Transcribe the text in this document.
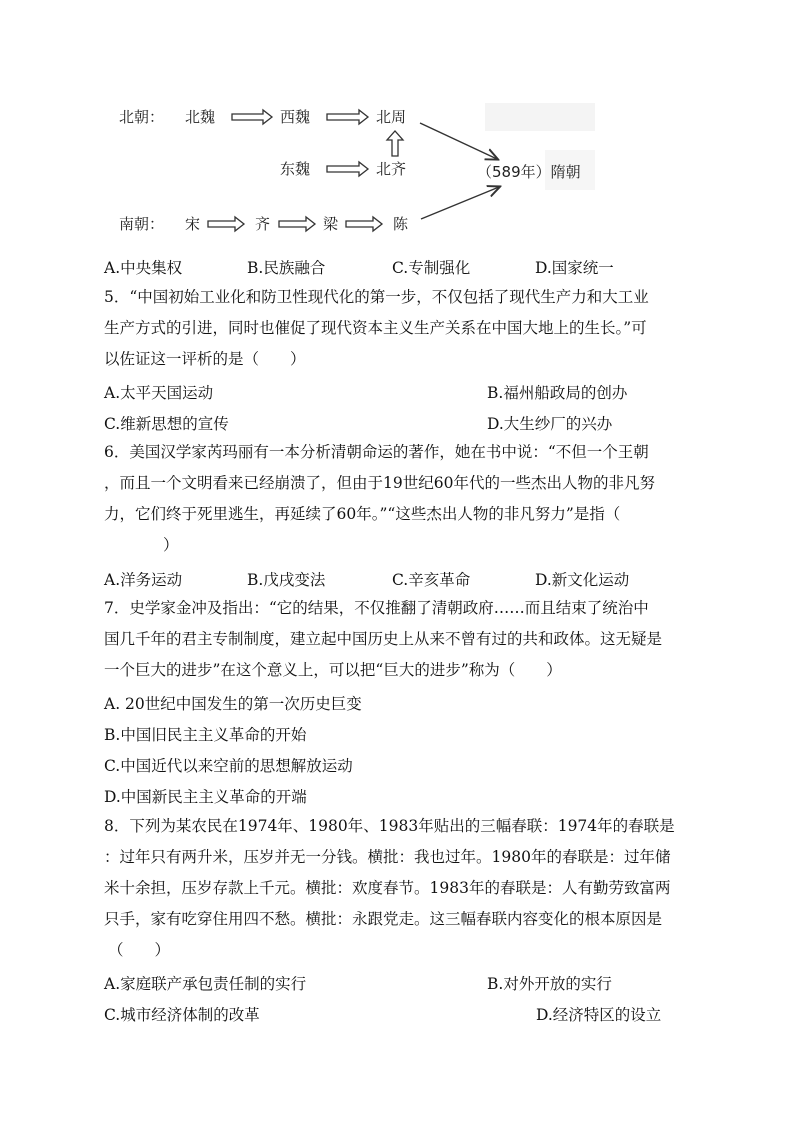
北朝： 北魏	西魏	北周
东魏	北齐	（589年）隋朝
南朝： 宋	齐	梁	陈
A.中央集权	B.民族融合	C.专制强化	D.国家统一
5．“中国初始工业化和防卫性现代化的第一步，不仅包括了现代生产力和大工业
生产方式的引进，同时也催促了现代资本主义生产关系在中国大地上的生长。”可
以佐证这一评析的是（　　）
A.太平天国运动	B.福州船政局的创办
C.维新思想的宣传	D.大生纱厂的兴办
6．美国汉学家芮玛丽有一本分析清朝命运的著作，她在书中说：“不但一个王朝
，而且一个文明看来已经崩溃了，但由于19世纪60年代的一些杰出人物的非凡努
力，它们终于死里逃生，再延续了60年。”“这些杰出人物的非凡努力”是指（
　　）
A.洋务运动	B.戊戌变法	C.辛亥革命	D.新文化运动
7．史学家金冲及指出：“它的结果，不仅推翻了清朝政府……而且结束了统治中
国几千年的君主专制制度，建立起中国历史上从来不曾有过的共和政体。这无疑是
一个巨大的进步”在这个意义上，可以把“巨大的进步”称为（　　）
A. 20世纪中国发生的第一次历史巨变
B.中国旧民主主义革命的开始
C.中国近代以来空前的思想解放运动
D.中国新民主主义革命的开端
8．下列为某农民在1974年、1980年、1983年贴出的三幅春联：1974年的春联是
：过年只有两升米，压岁并无一分钱。横批：我也过年。1980年的春联是：过年储
米十余担，压岁存款上千元。横批：欢度春节。1983年的春联是：人有勤劳致富两
只手，家有吃穿住用四不愁。横批：永跟党走。这三幅春联内容变化的根本原因是
（　　）
A.家庭联产承包责任制的实行	B.对外开放的实行
C.城市经济体制的改革	D.经济特区的设立
